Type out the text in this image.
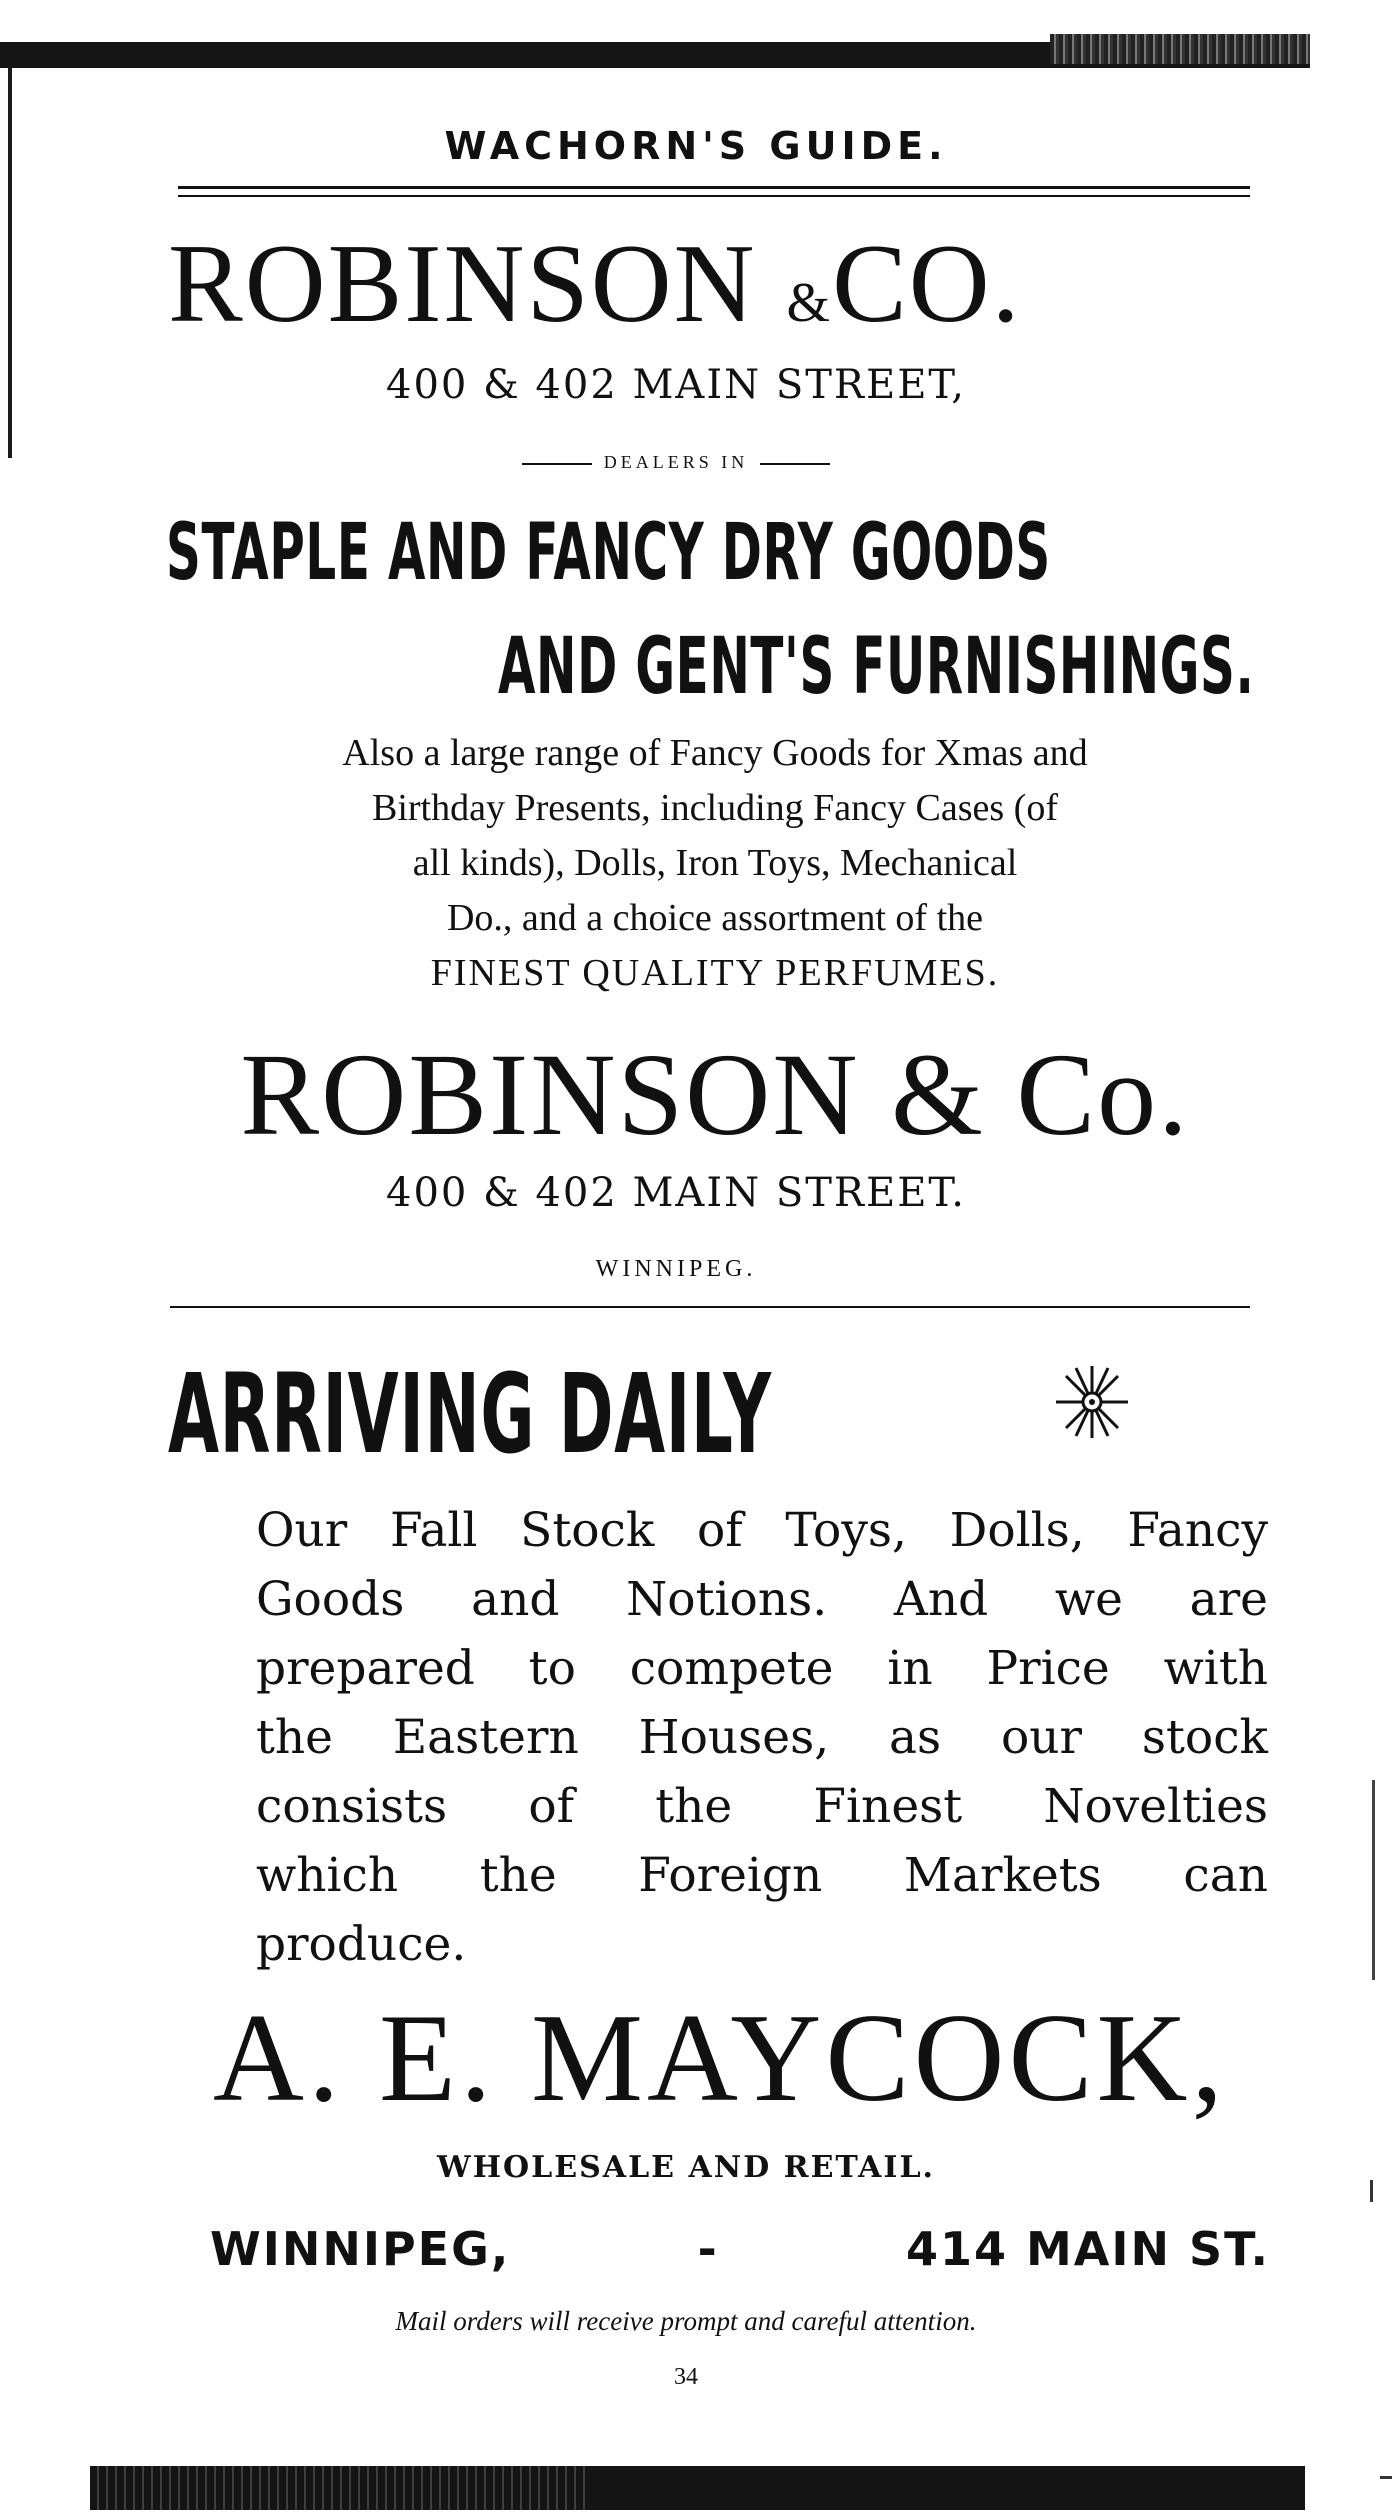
WACHORN'S GUIDE.
ROBINSON &CO.
400 & 402 MAIN STREET,
DEALERS IN
STAPLE AND FANCY DRY GOODS
AND GENT'S FURNISHINGS.
Also a large range of Fancy Goods for Xmas and
Birthday Presents, including Fancy Cases (of
all kinds), Dolls, Iron Toys, Mechanical
Do., and a choice assortment of the
FINEST QUALITY PERFUMES.
ROBINSON & Co.
400 & 402 MAIN STREET.
WINNIPEG.
ARRIVING DAILY
Our Fall Stock of Toys, Dolls, Fancy
Goods and Notions. And we are
prepared to compete in Price with
the Eastern Houses, as our stock
consists of the Finest Novelties
which the Foreign Markets can
produce.
A. E. MAYCOCK,
WHOLESALE AND RETAIL.
WINNIPEG,	-	414 MAIN ST.
Mail orders will receive prompt and careful attention.
34
